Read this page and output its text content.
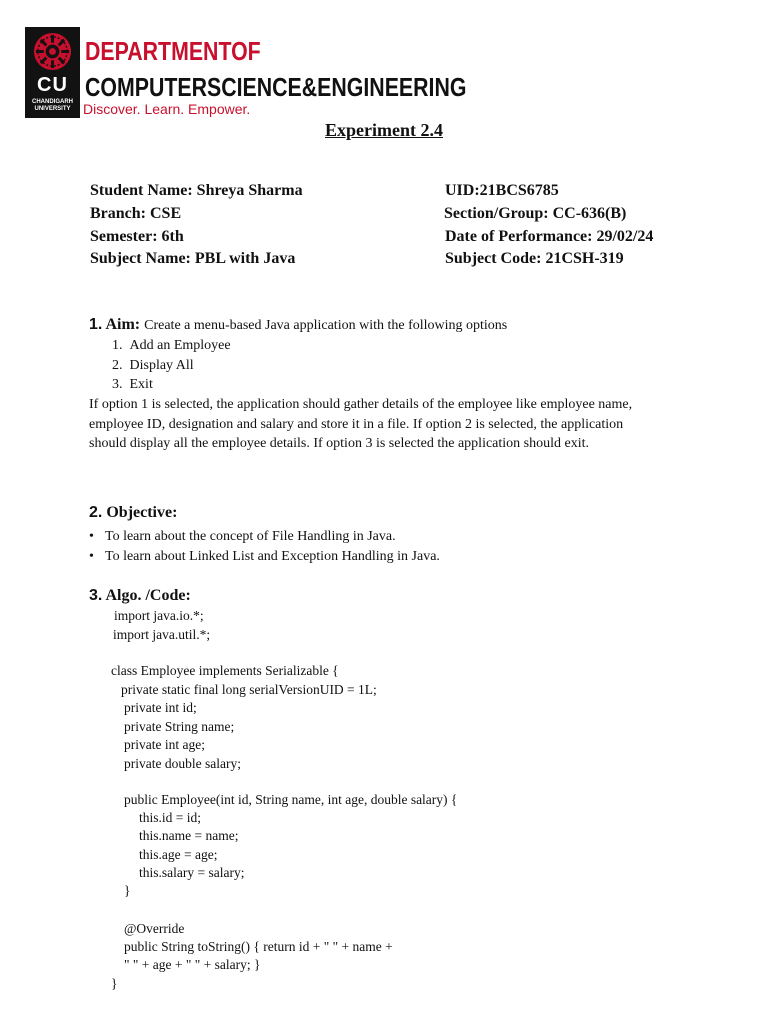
CU
CHANDIGARH
UNIVERSITY
DEPARTMENTOF
COMPUTERSCIENCE&ENGINEERING
Discover. Learn. Empower.
Experiment 2.4
Student Name: Shreya Sharma	UID:21BCS6785
Branch: CSE	Section/Group: CC-636(B)
Semester: 6th	Date of Performance: 29/02/24
Subject Name: PBL with Java	Subject Code: 21CSH-319
1. Aim: Create a menu-based Java application with the following options
1. Add an Employee
2. Display All
3. Exit
If option 1 is selected, the application should gather details of the employee like employee name, employee ID, designation and salary and store it in a file. If option 2 is selected, the application should display all the employee details. If option 3 is selected the application should exit.
2. Objective:
• To learn about the concept of File Handling in Java.
• To learn about Linked List and Exception Handling in Java.
3. Algo. /Code:
import java.io.*;
import java.util.*;
class Employee implements Serializable {
private static final long serialVersionUID = 1L;
private int id;
private String name;
private int age;
private double salary;
public Employee(int id, String name, int age, double salary) {
this.id = id;
this.name = name;
this.age = age;
this.salary = salary;
}
@Override
public String toString() { return id + " " + name +
" " + age + " " + salary; }
}
